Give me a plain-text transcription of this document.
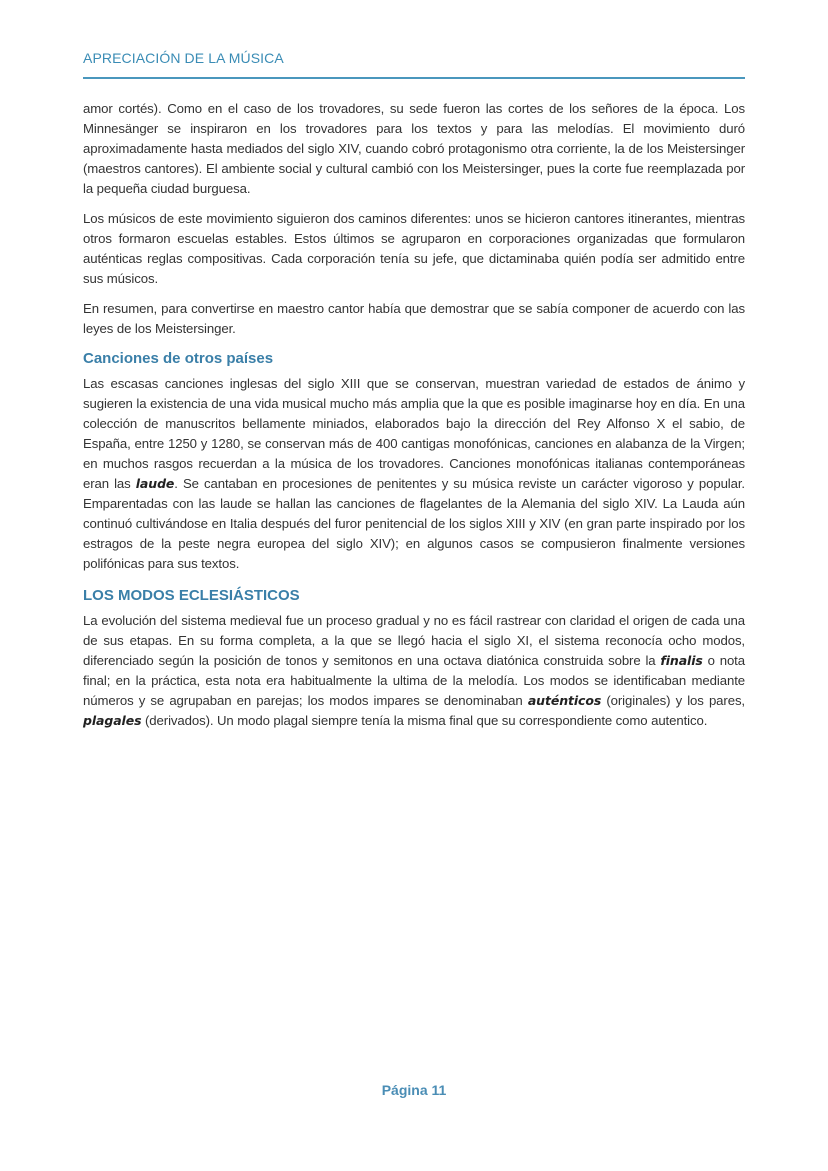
APRECIACIÓN DE LA MÚSICA

amor cortés). Como en el caso de los trovadores, su sede fueron las cortes de los señores de la época. Los Minnesänger se inspiraron en los trovadores para los textos y para las melodías. El movimiento duró aproximadamente hasta mediados del siglo XIV, cuando cobró protagonismo otra corriente, la de los Meistersinger (maestros cantores). El ambiente social y cultural cambió con los Meistersinger, pues la corte fue reemplazada por la pequeña ciudad burguesa.

Los músicos de este movimiento siguieron dos caminos diferentes: unos se hicieron cantores itinerantes, mientras otros formaron escuelas estables. Estos últimos se agruparon en corporaciones organizadas que formularon auténticas reglas compositivas. Cada corporación tenía su jefe, que dictaminaba quién podía ser admitido entre sus músicos.

En resumen, para convertirse en maestro cantor había que demostrar que se sabía componer de acuerdo con las leyes de los Meistersinger.

Canciones de otros países

Las escasas canciones inglesas del siglo XIII que se conservan, muestran variedad de estados de ánimo y sugieren la existencia de una vida musical mucho más amplia que la que es posible imaginarse hoy en día. En una colección de manuscritos bellamente miniados, elaborados bajo la dirección del Rey Alfonso X el sabio, de España, entre 1250 y 1280, se conservan más de 400 cantigas monofónicas, canciones en alabanza de la Virgen; en muchos rasgos recuerdan a la música de los trovadores. Canciones monofónicas italianas contemporáneas eran las laude. Se cantaban en procesiones de penitentes y su música reviste un carácter vigoroso y popular. Emparentadas con las laude se hallan las canciones de flagelantes de la Alemania del siglo XIV. La Lauda aún continuó cultivándose en Italia después del furor penitencial de los siglos XIII y XIV (en gran parte inspirado por los estragos de la peste negra europea del siglo XIV); en algunos casos se compusieron finalmente versiones polifónicas para sus textos.

LOS MODOS ECLESIÁSTICOS

La evolución del sistema medieval fue un proceso gradual y no es fácil rastrear con claridad el origen de cada una de sus etapas. En su forma completa, a la que se llegó hacia el siglo XI, el sistema reconocía ocho modos, diferenciado según la posición de tonos y semitonos en una octava diatónica construida sobre la finalis o nota final; en la práctica, esta nota era habitualmente la ultima de la melodía. Los modos se identificaban mediante números y se agrupaban en parejas; los modos impares se denominaban auténticos (originales) y los pares, plagales (derivados). Un modo plagal siempre tenía la misma final que su correspondiente como autentico.

Página 11
